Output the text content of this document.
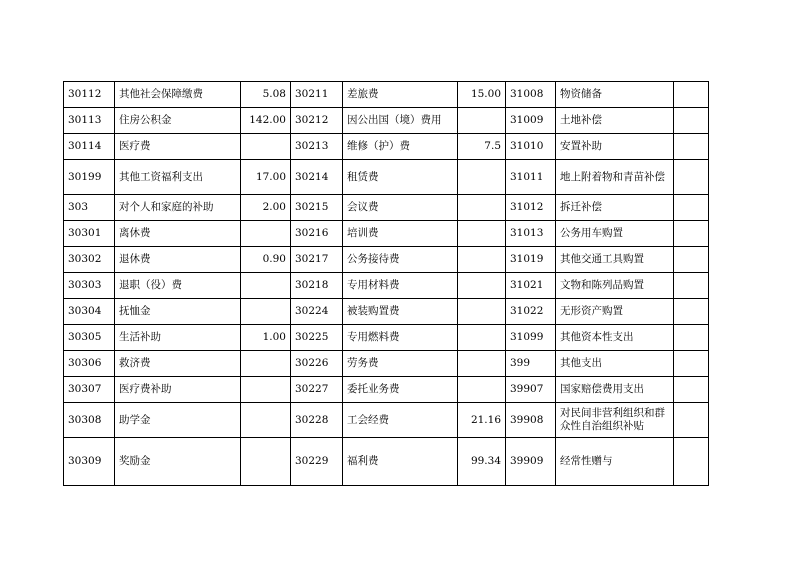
30112	其他社会保障缴费	5.08	30211	差旅费	15.00	31008	物资储备	
30113	住房公积金	142.00	30212	因公出国（境）费用		31009	土地补偿	
30114	医疗费		30213	维修（护）费	7.5	31010	安置补助	
30199	其他工资福利支出	17.00	30214	租赁费		31011	地上附着物和青苗补偿	
303	对个人和家庭的补助	2.00	30215	会议费		31012	拆迁补偿	
30301	离休费		30216	培训费		31013	公务用车购置	
30302	退休费	0.90	30217	公务接待费		31019	其他交通工具购置	
30303	退职（役）费		30218	专用材料费		31021	文物和陈列品购置	
30304	抚恤金		30224	被装购置费		31022	无形资产购置	
30305	生活补助	1.00	30225	专用燃料费		31099	其他资本性支出	
30306	救济费		30226	劳务费		399	其他支出	
30307	医疗费补助		30227	委托业务费		39907	国家赔偿费用支出	
30308	助学金		30228	工会经费	21.16	39908	对民间非营利组织和群众性自治组织补贴	
30309	奖励金		30229	福利费	99.34	39909	经常性赠与	
